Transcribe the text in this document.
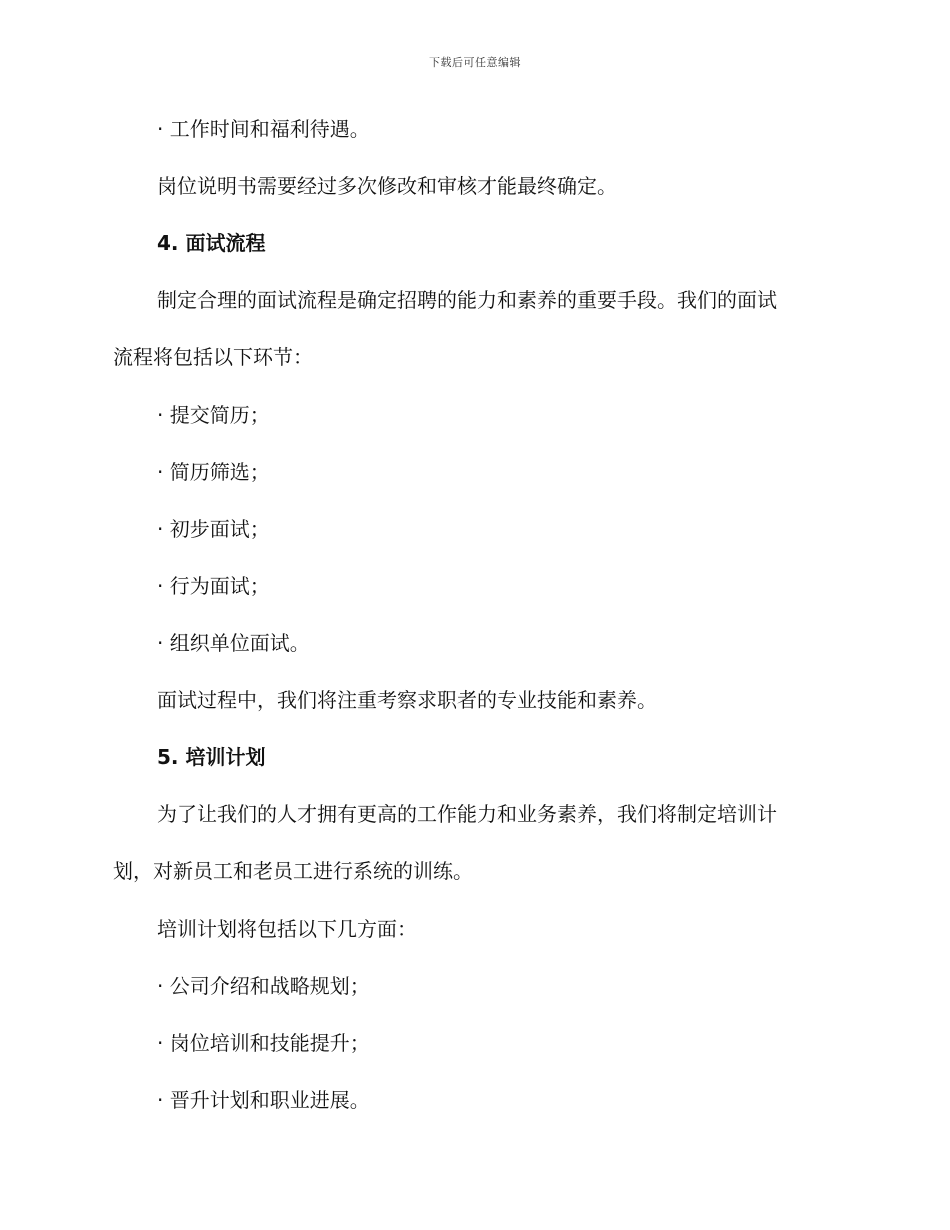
下载后可任意编辑

· 工作时间和福利待遇。

岗位说明书需要经过多次修改和审核才能最终确定。

4. 面试流程

制定合理的面试流程是确定招聘的能力和素养的重要手段。我们的面试
流程将包括以下环节：

· 提交简历；

· 简历筛选；

· 初步面试；

· 行为面试；

· 组织单位面试。

面试过程中，我们将注重考察求职者的专业技能和素养。

5. 培训计划

为了让我们的人才拥有更高的工作能力和业务素养，我们将制定培训计
划，对新员工和老员工进行系统的训练。

培训计划将包括以下几方面：

· 公司介绍和战略规划；

· 岗位培训和技能提升；

· 晋升计划和职业进展。
